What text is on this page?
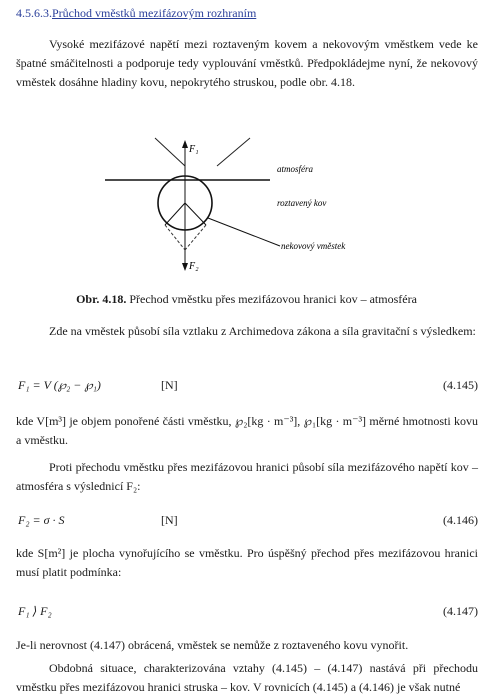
4.5.6.3.Průchod vměstků mezifázovým rozhraním
Vysoké mezifázové napětí mezi roztaveným kovem a nekovovým vměstkem vede ke špatné smáčitelnosti a podporuje tedy vyplouvání vměstků. Předpokládejme nyní, že nekovový vměstek dosáhne hladiny kovu, nepokrytého struskou, podle obr. 4.18.
F₁
F₂
atmosféra
roztavený kov
nekovový vměstek
Obr. 4.18. Přechod vměstku přes mezifázovou hranici kov – atmosféra
Zde na vměstek působí síla vztlaku z Archimedova zákona a síla gravitační s výsledkem:
F₁ = V (℘₂ − ℘₁)	[N]	(4.145)
kde V[m³] je objem ponořené části vměstku, ℘₂[kg · m⁻³], ℘₁[kg · m⁻³] měrné hmotnosti kovu a vměstku.
Proti přechodu vměstku přes mezifázovou hranici působí síla mezifázového napětí kov – atmosféra s výslednicí F₂:
F₂ = σ · S	[N]	(4.146)
kde S[m²] je plocha vynořujícího se vměstku. Pro úspěšný přechod přes mezifázovou hranici musí platit podmínka:
F₁ ⟩ F₂	(4.147)
Je-li nerovnost (4.147) obrácená, vměstek se nemůže z roztaveného kovu vynořit.
Obdobná situace, charakterizována vztahy (4.145) – (4.147) nastává při přechodu vměstku přes mezifázovou hranici struska – kov. V rovnicích (4.145) a (4.146) je však nutné
